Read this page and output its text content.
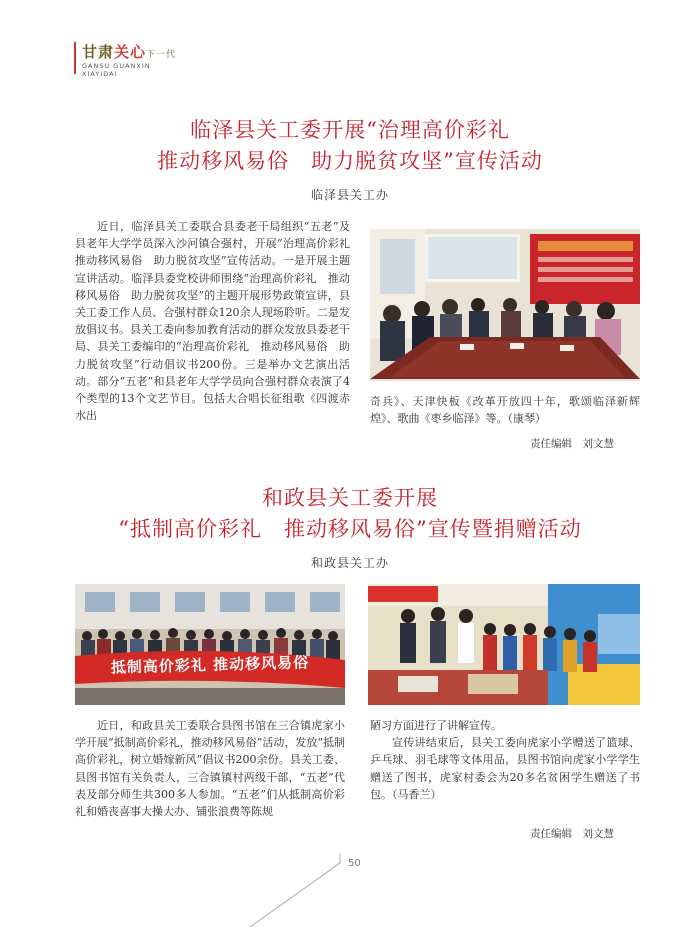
甘肃关心下一代
GANSU GUANXIN
XIAYIDAI
临泽县关工委开展“治理高价彩礼
推动移风易俗　助力脱贫攻坚”宣传活动
临泽县关工办

近日，临泽县关工委联合县委老干局组织“五老”及县老年大学学员深入沙河镇合强村，开展“治理高价彩礼　推动移风易俗　助力脱贫攻坚”宣传活动。一是开展主题宣讲活动。临泽县委党校讲师围绕“治理高价彩礼　推动移风易俗　助力脱贫攻坚”的主题开展形势政策宣讲，县关工委工作人员、合强村群众120余人现场聆听。二是发放倡议书。县关工委向参加教育活动的群众发放县委老干局、县关工委编印的“治理高价彩礼　推动移风易俗　助力脱贫攻坚”行动倡议书200份。三是举办文艺演出活动。部分“五老”和县老年大学学员向合强村群众表演了4个类型的13个文艺节目。包括大合唱长征组歌《四渡赤水出

奇兵》、天津快板《改革开放四十年，歌颂临泽新辉煌》、歌曲《枣乡临泽》等。（康琴）

责任编辑　刘文慧
和政县关工委开展
“抵制高价彩礼　推动移风易俗”宣传暨捐赠活动
和政县关工办
抵制高价彩礼 推动移风易俗

近日，和政县关工委联合县图书馆在三合镇虎家小学开展“抵制高价彩礼，推动移风易俗”活动，发放“抵制高价彩礼，树立婚嫁新风”倡议书200余份。县关工委、县图书馆有关负责人，三合镇镇村两级干部，“五老”代表及部分师生共300多人参加。“五老”们从抵制高价彩礼和婚丧喜事大操大办、铺张浪费等陈规

陋习方面进行了讲解宣传。

宣传讲结束后，县关工委向虎家小学赠送了篮球、乒乓球、羽毛球等文体用品，县图书馆向虎家小学学生赠送了图书，虎家村委会为20多名贫困学生赠送了书包。（马香兰）

责任编辑　刘文慧
50
